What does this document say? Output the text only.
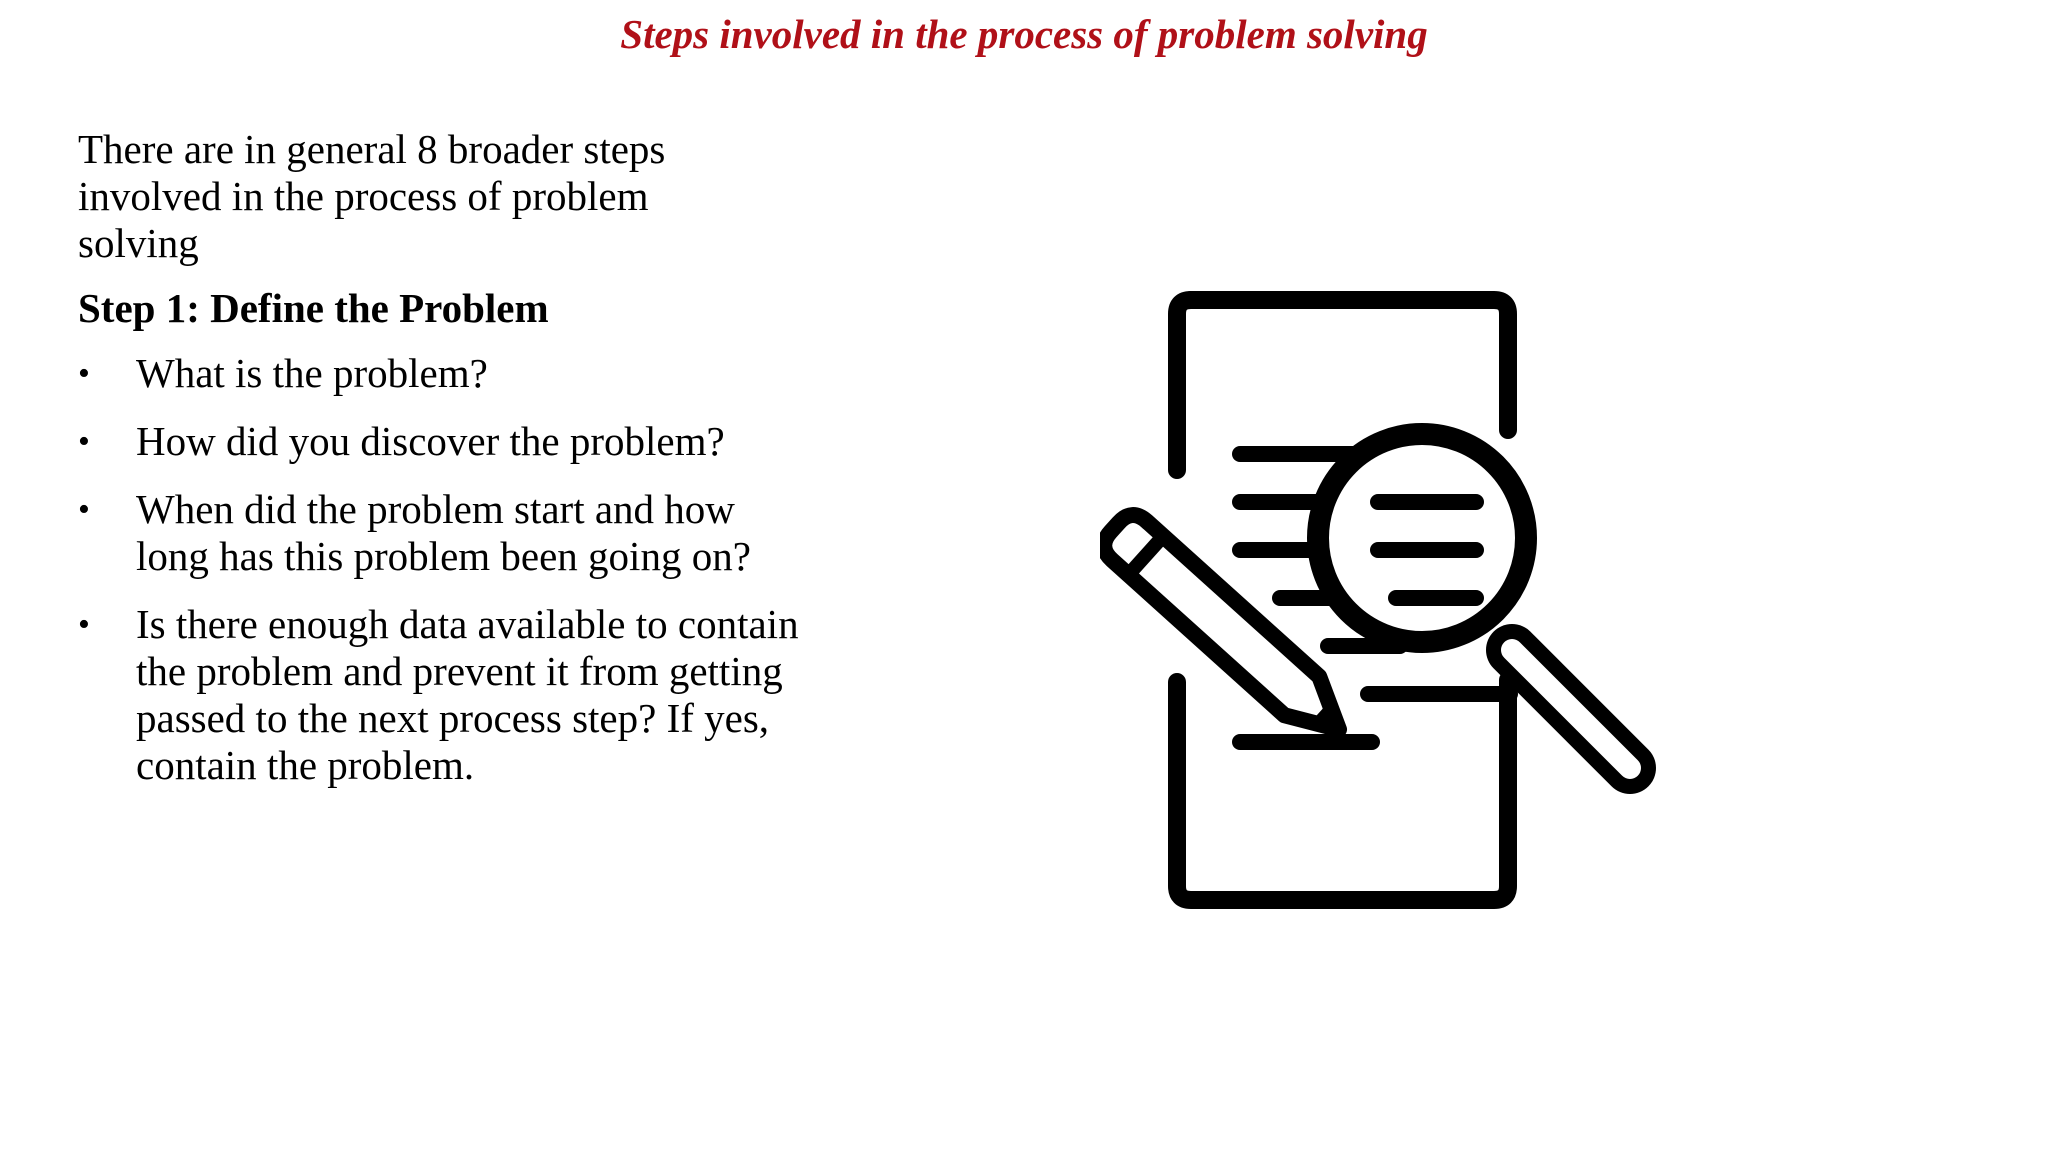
Steps involved in the process of problem solving

There are in general 8 broader steps involved in the process of problem solving

Step 1: Define the Problem

•	What is the problem?
•	How did you discover the problem?
•	When did the problem start and how long has this problem been going on?
•	Is there enough data available to contain the problem and prevent it from getting passed to the next process step? If yes, contain the problem.
